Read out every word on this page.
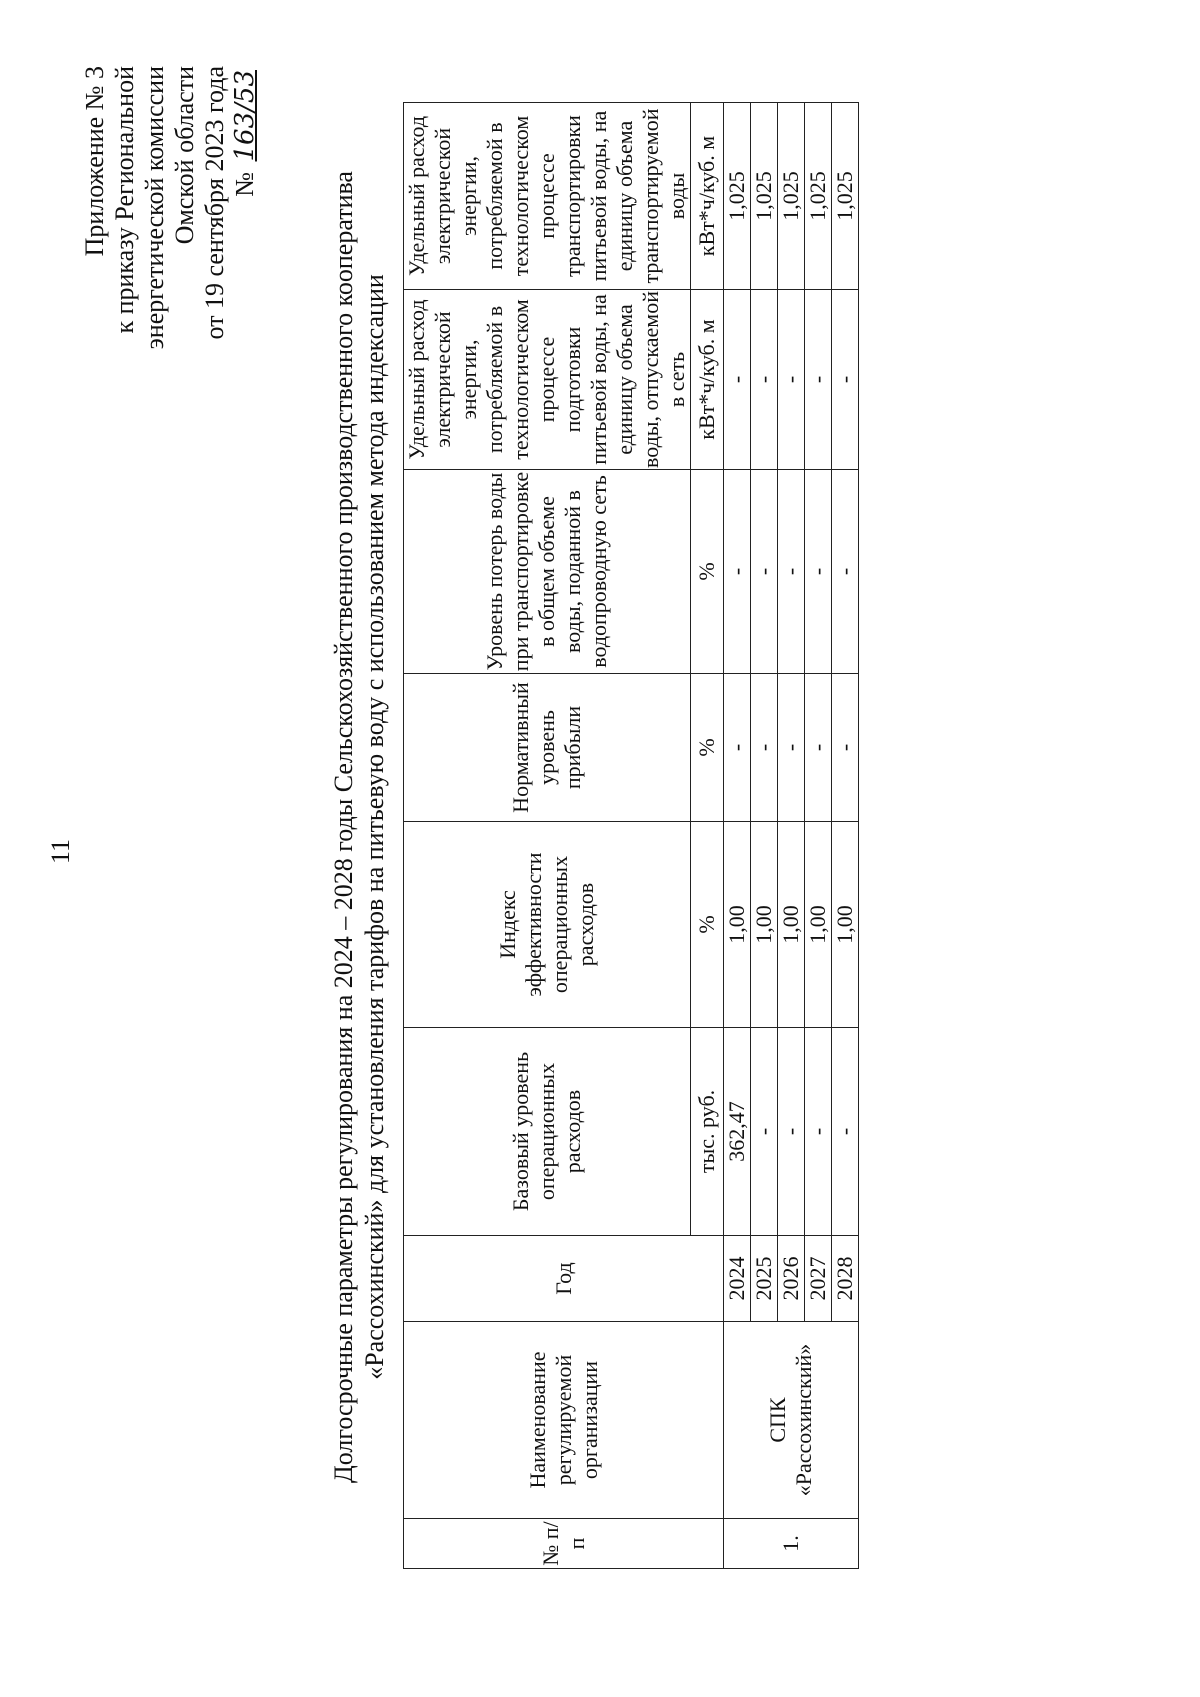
11
Приложение № 3 к приказу Региональной энергетической комиссии Омской области от 19 сентября 2023 года № 163/53
Долгосрочные параметры регулирования на 2024 – 2028 годы Сельскохозяйственного производственного кооператива «Рассохинский» для установления тарифов на питьевую воду с использованием метода индексации
№ п/п	Наименование регулируемой организации	Год	Базовый уровень операционных расходов	Индекс эффективности операционных расходов	Нормативный уровень прибыли	Уровень потерь воды при транспортировке в общем объеме воды, поданной в водопроводную сеть	Удельный расход электрической энергии, потребляемой в технологическом процессе подготовки питьевой воды, на единицу объема воды, отпускаемой в сеть	Удельный расход электрической энергии, потребляемой в технологическом процессе транспортировки питьевой воды, на единицу объема транспортируемой воды
			тыс. руб.	%	%	%	кВт*ч/куб. м	кВт*ч/куб. м
1.	СПК «Рассохинский»	2024	362,47	1,00	-	-	-	1,025
		2025	-	1,00	-	-	-	1,025
		2026	-	1,00	-	-	-	1,025
		2027	-	1,00	-	-	-	1,025
		2028	-	1,00	-	-	-	1,025
